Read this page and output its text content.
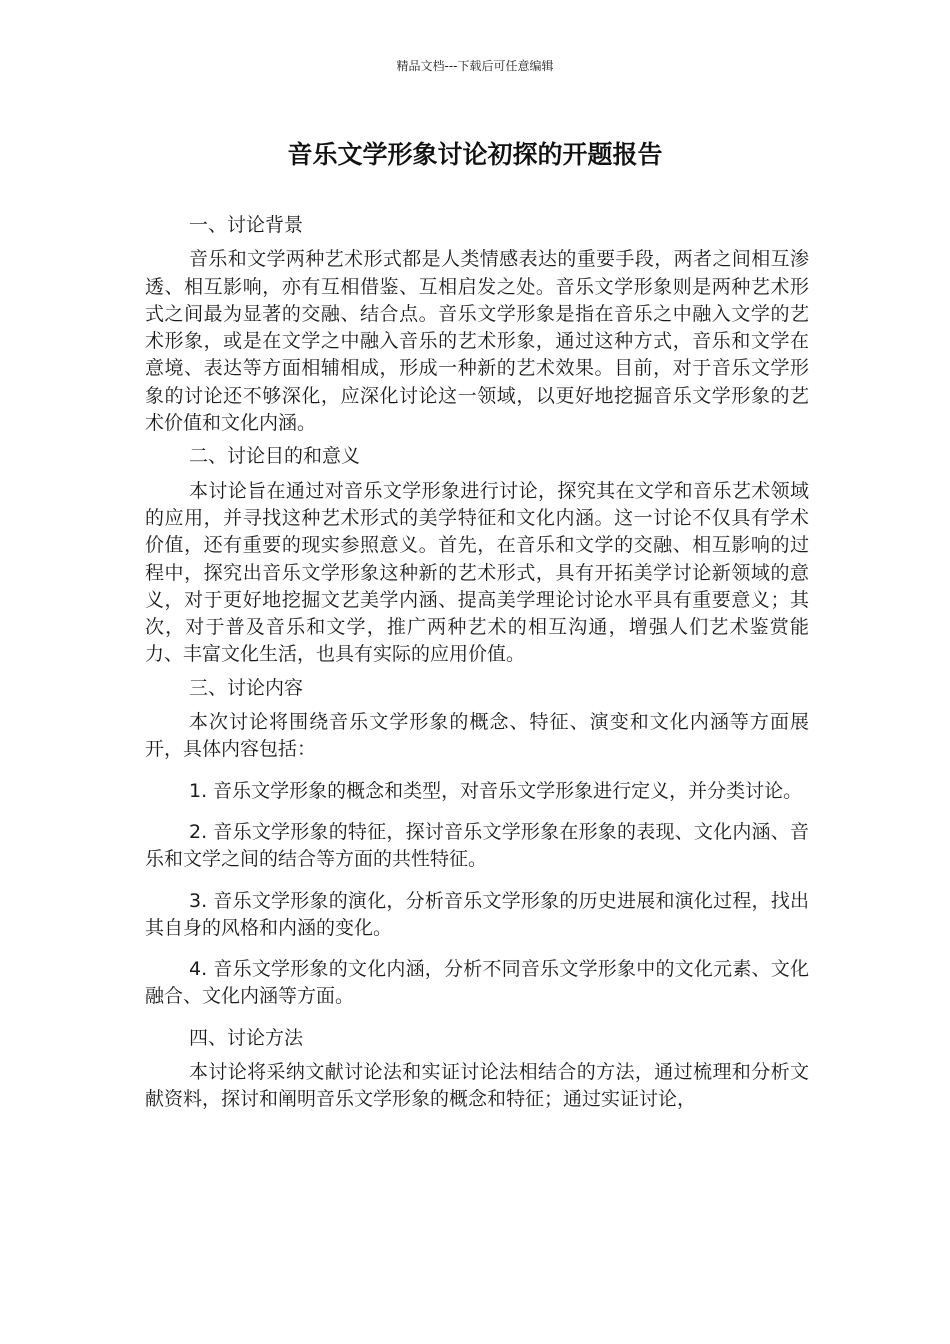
精品文档---下载后可任意编辑
音乐文学形象讨论初探的开题报告

一、讨论背景

音乐和文学两种艺术形式都是人类情感表达的重要手段，两者之间相互渗透、相互影响，亦有互相借鉴、互相启发之处。音乐文学形象则是两种艺术形式之间最为显著的交融、结合点。音乐文学形象是指在音乐之中融入文学的艺术形象，或是在文学之中融入音乐的艺术形象，通过这种方式，音乐和文学在意境、表达等方面相辅相成，形成一种新的艺术效果。目前，对于音乐文学形象的讨论还不够深化，应深化讨论这一领域，以更好地挖掘音乐文学形象的艺术价值和文化内涵。

二、讨论目的和意义

本讨论旨在通过对音乐文学形象进行讨论，探究其在文学和音乐艺术领域的应用，并寻找这种艺术形式的美学特征和文化内涵。这一讨论不仅具有学术价值，还有重要的现实参照意义。首先，在音乐和文学的交融、相互影响的过程中，探究出音乐文学形象这种新的艺术形式，具有开拓美学讨论新领域的意义，对于更好地挖掘文艺美学内涵、提高美学理论讨论水平具有重要意义；其次，对于普及音乐和文学，推广两种艺术的相互沟通，增强人们艺术鉴赏能力、丰富文化生活，也具有实际的应用价值。

三、讨论内容

本次讨论将围绕音乐文学形象的概念、特征、演变和文化内涵等方面展开，具体内容包括：

1. 音乐文学形象的概念和类型，对音乐文学形象进行定义，并分类讨论。

2. 音乐文学形象的特征，探讨音乐文学形象在形象的表现、文化内涵、音乐和文学之间的结合等方面的共性特征。

3. 音乐文学形象的演化，分析音乐文学形象的历史进展和演化过程，找出其自身的风格和内涵的变化。

4. 音乐文学形象的文化内涵，分析不同音乐文学形象中的文化元素、文化融合、文化内涵等方面。

四、讨论方法

本讨论将采纳文献讨论法和实证讨论法相结合的方法，通过梳理和分析文献资料，探讨和阐明音乐文学形象的概念和特征；通过实证讨论，
